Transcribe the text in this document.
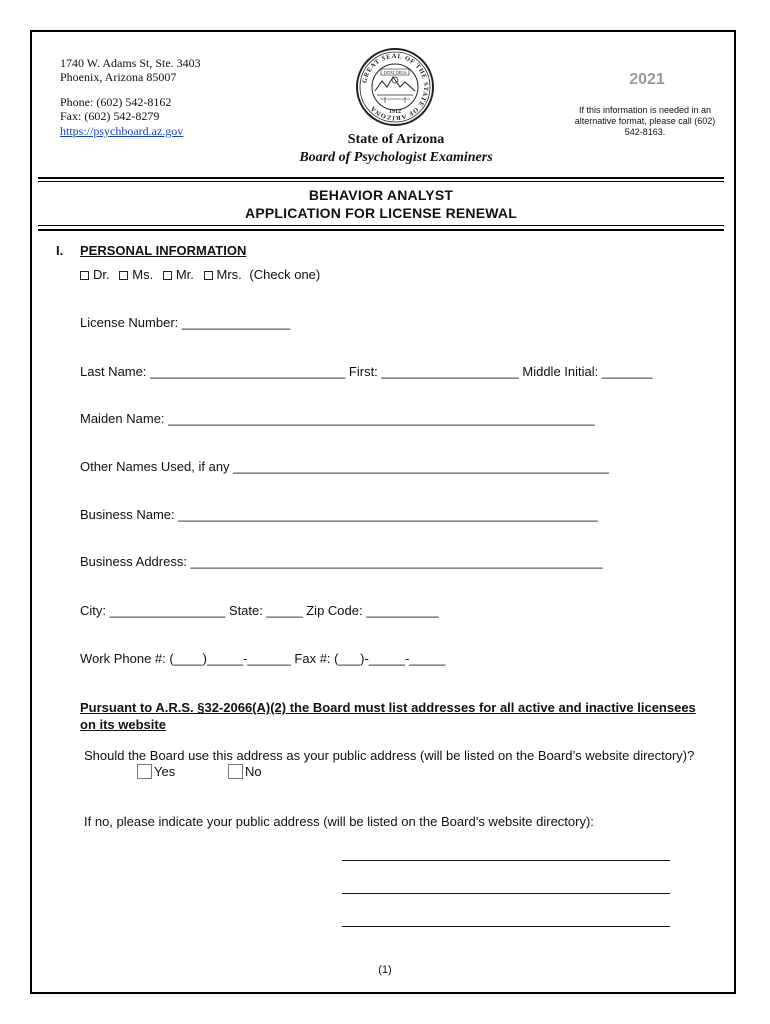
1740 W. Adams St, Ste. 3403
Phoenix, Arizona 85007
Phone: (602) 542-8162
Fax: (602) 542-8279
https://psychboard.az.gov
GREAT SEAL OF THE STATE OF ARIZONA
DITAT DEUS
1912
State of Arizona
Board of Psychologist Examiners
2021
If this information is needed in an alternative format, please call (602) 542-8163.
BEHAVIOR ANALYST
APPLICATION FOR LICENSE RENEWAL
I. PERSONAL INFORMATION
Dr. Ms. Mr. Mrs. (Check one)
License Number: _______________
Last Name: ___________________________ First: ___________________ Middle Initial: _______
Maiden Name: ___________________________________________________________
Other Names Used, if any ____________________________________________________
Business Name: __________________________________________________________
Business Address: _________________________________________________________
City: ________________ State: _____ Zip Code: __________
Work Phone #: (____)_____-______ Fax #: (___)-_____-_____
Pursuant to A.R.S. §32-2066(A)(2) the Board must list addresses for all active and inactive licensees
on its website
Should the Board use this address as your public address (will be listed on the Board’s website directory)?
Yes	No
If no, please indicate your public address (will be listed on the Board’s website directory):
(1)
